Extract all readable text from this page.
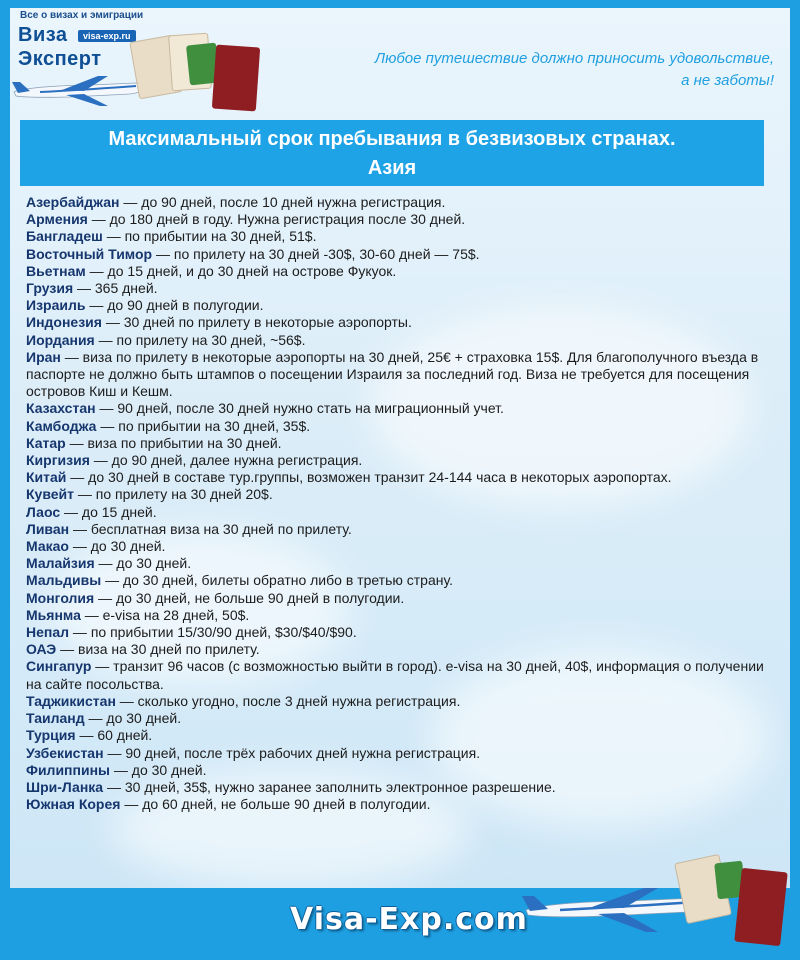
Все о визах и эмиграции
Виза
Эксперт
visa-exp.ru
Любое путешествие должно приносить удовольствие,
а не заботы!
Максимальный срок пребывания в безвизовых странах.
Азия
Азербайджан — до 90 дней, после 10 дней нужна регистрация.
Армения — до 180 дней в году. Нужна регистрация после 30 дней.
Бангладеш — по прибытии на 30 дней, 51$.
Восточный Тимор — по прилету на 30 дней -30$, 30-60 дней — 75$.
Вьетнам — до 15 дней, и до 30 дней на острове Фукуок.
Грузия — 365 дней.
Израиль — до 90 дней в полугодии.
Индонезия — 30 дней по прилету в некоторые аэропорты.
Иордания — по прилету на 30 дней, ~56$.
Иран — виза по прилету в некоторые аэропорты на 30 дней, 25€ + страховка 15$. Для благополучного въезда в паспорте не должно быть штампов о посещении Израиля за последний год. Виза не требуется для посещения островов Киш и Кешм.
Казахстан — 90 дней, после 30 дней нужно стать на миграционный учет.
Камбоджа — по прибытии на 30 дней, 35$.
Катар — виза по прибытии на 30 дней.
Киргизия — до 90 дней, далее нужна регистрация.
Китай — до 30 дней в составе тур.группы, возможен транзит 24-144 часа в некоторых аэропортах.
Кувейт — по прилету на 30 дней 20$.
Лаос — до 15 дней.
Ливан — бесплатная виза на 30 дней по прилету.
Макао — до 30 дней.
Малайзия — до 30 дней.
Мальдивы — до 30 дней, билеты обратно либо в третью страну.
Монголия — до 30 дней, не больше 90 дней в полугодии.
Мьянма — e-visa на 28 дней, 50$.
Непал — по прибытии 15/30/90 дней, $30/$40/$90.
ОАЭ — виза на 30 дней по прилету.
Сингапур — транзит 96 часов (с возможностью выйти в город). e-visa на 30 дней, 40$, информация о получении на сайте посольства.
Таджикистан — сколько угодно, после 3 дней нужна регистрация.
Таиланд — до 30 дней.
Турция — 60 дней.
Узбекистан — 90 дней, после трёх рабочих дней нужна регистрация.
Филиппины — до 30 дней.
Шри-Ланка — 30 дней, 35$, нужно заранее заполнить электронное разрешение.
Южная Корея — до 60 дней, не больше 90 дней в полугодии.
Visa-Exp.com
